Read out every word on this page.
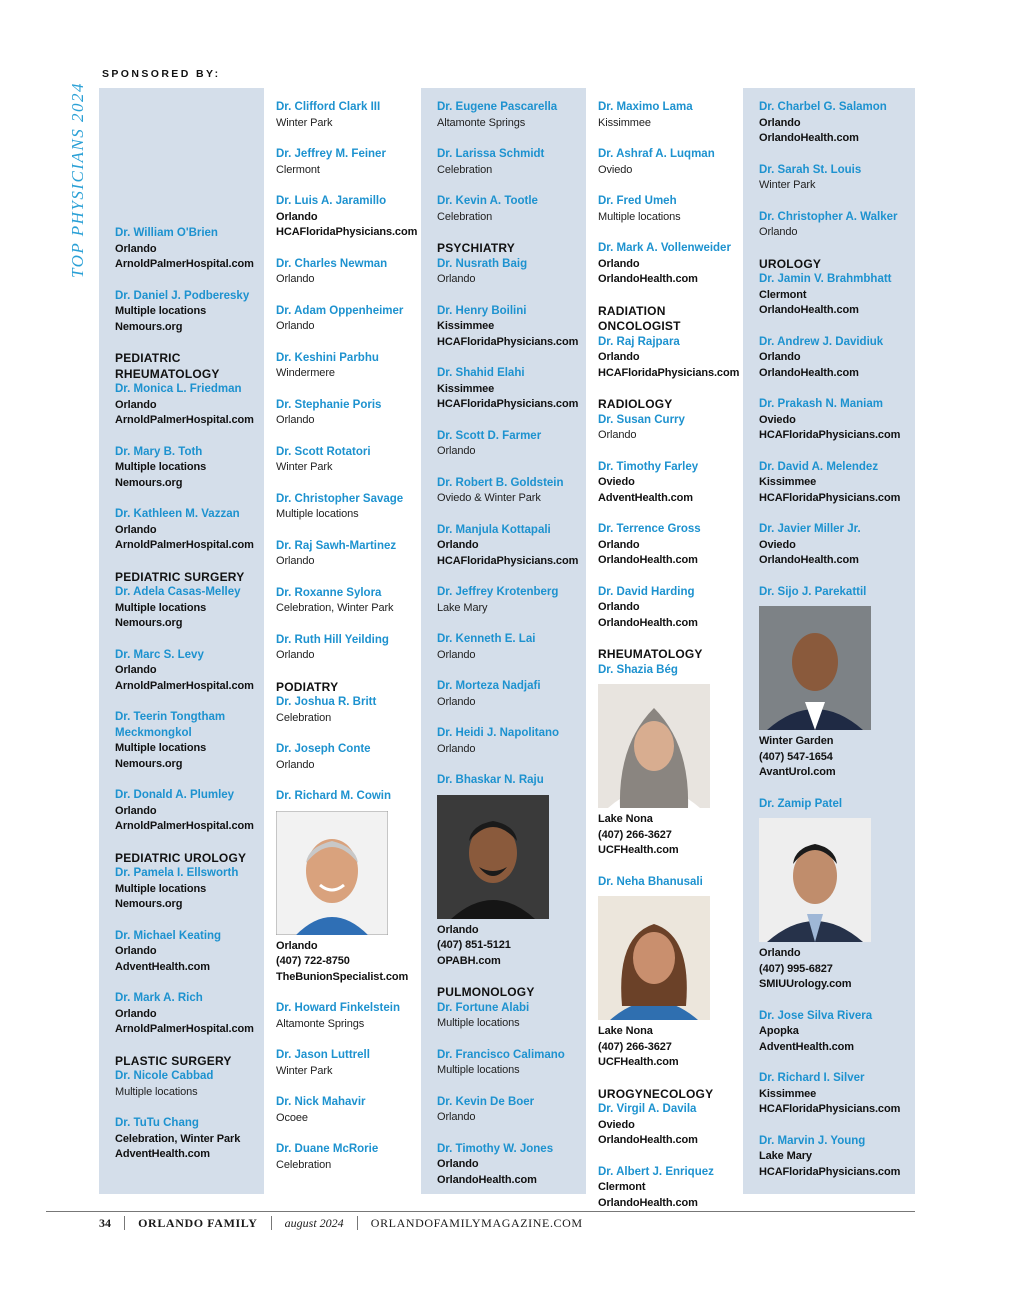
TOP PHYSICIANS 2024
SPONSORED BY:
Dr. William O'Brien
Orlando
ArnoldPalmerHospital.com
Dr. Daniel J. Podberesky
Multiple locations
Nemours.org
PEDIATRIC RHEUMATOLOGY
Dr. Monica L. Friedman
Orlando
ArnoldPalmerHospital.com
Dr. Mary B. Toth
Multiple locations
Nemours.org
Dr. Kathleen M. Vazzan
Orlando
ArnoldPalmerHospital.com
PEDIATRIC SURGERY
Dr. Adela Casas-Melley
Multiple locations
Nemours.org
Dr. Marc S. Levy
Orlando
ArnoldPalmerHospital.com
Dr. Teerin Tongtham Meckmongkol
Multiple locations
Nemours.org
Dr. Donald A. Plumley
Orlando
ArnoldPalmerHospital.com
PEDIATRIC UROLOGY
Dr. Pamela I. Ellsworth
Multiple locations
Nemours.org
Dr. Michael Keating
Orlando
AdventHealth.com
Dr. Mark A. Rich
Orlando
ArnoldPalmerHospital.com
PLASTIC SURGERY
Dr. Nicole Cabbad
Multiple locations
Dr. TuTu Chang
Celebration, Winter Park
AdventHealth.com
Dr. Clifford Clark III
Winter Park
Dr. Jeffrey M. Feiner
Clermont
Dr. Luis A. Jaramillo
Orlando
HCAFloridaPhysicians.com
Dr. Charles Newman
Orlando
Dr. Adam Oppenheimer
Orlando
Dr. Keshini Parbhu
Windermere
Dr. Stephanie Poris
Orlando
Dr. Scott Rotatori
Winter Park
Dr. Christopher Savage
Multiple locations
Dr. Raj Sawh-Martinez
Orlando
Dr. Roxanne Sylora
Celebration, Winter Park
Dr. Ruth Hill Yeilding
Orlando
PODIATRY
Dr. Joshua R. Britt
Celebration
Dr. Joseph Conte
Orlando
Dr. Richard M. Cowin
Orlando
(407) 722-8750
TheBunionSpecialist.com
Dr. Howard Finkelstein
Altamonte Springs
Dr. Jason Luttrell
Winter Park
Dr. Nick Mahavir
Ocoee
Dr. Duane McRorie
Celebration
Dr. Eugene Pascarella
Altamonte Springs
Dr. Larissa Schmidt
Celebration
Dr. Kevin A. Tootle
Celebration
PSYCHIATRY
Dr. Nusrath Baig
Orlando
Dr. Henry Boilini
Kissimmee
HCAFloridaPhysicians.com
Dr. Shahid Elahi
Kissimmee
HCAFloridaPhysicians.com
Dr. Scott D. Farmer
Orlando
Dr. Robert B. Goldstein
Oviedo & Winter Park
Dr. Manjula Kottapali
Orlando
HCAFloridaPhysicians.com
Dr. Jeffrey Krotenberg
Lake Mary
Dr. Kenneth E. Lai
Orlando
Dr. Morteza Nadjafi
Orlando
Dr. Heidi J. Napolitano
Orlando
Dr. Bhaskar N. Raju
Orlando
(407) 851-5121
OPABH.com
PULMONOLOGY
Dr. Fortune Alabi
Multiple locations
Dr. Francisco Calimano
Multiple locations
Dr. Kevin De Boer
Orlando
Dr. Timothy W. Jones
Orlando
OrlandoHealth.com
Dr. Maximo Lama
Kissimmee
Dr. Ashraf A. Luqman
Oviedo
Dr. Fred Umeh
Multiple locations
Dr. Mark A. Vollenweider
Orlando
OrlandoHealth.com
RADIATION ONCOLOGIST
Dr. Raj Rajpara
Orlando
HCAFloridaPhysicians.com
RADIOLOGY
Dr. Susan Curry
Orlando
Dr. Timothy Farley
Oviedo
AdventHealth.com
Dr. Terrence Gross
Orlando
OrlandoHealth.com
Dr. David Harding
Orlando
OrlandoHealth.com
RHEUMATOLOGY
Dr. Shazia Bég
Lake Nona
(407) 266-3627
UCFHealth.com
Dr. Neha Bhanusali
Lake Nona
(407) 266-3627
UCFHealth.com
UROGYNECOLOGY
Dr. Virgil A. Davila
Oviedo
OrlandoHealth.com
Dr. Albert J. Enriquez
Clermont
OrlandoHealth.com
Dr. Charbel G. Salamon
Orlando
OrlandoHealth.com
Dr. Sarah St. Louis
Winter Park
Dr. Christopher A. Walker
Orlando
UROLOGY
Dr. Jamin V. Brahmbhatt
Clermont
OrlandoHealth.com
Dr. Andrew J. Davidiuk
Orlando
OrlandoHealth.com
Dr. Prakash N. Maniam
Oviedo
HCAFloridaPhysicians.com
Dr. David A. Melendez
Kissimmee
HCAFloridaPhysicians.com
Dr. Javier Miller Jr.
Oviedo
OrlandoHealth.com
Dr. Sijo J. Parekattil
Winter Garden
(407) 547-1654
AvantUrol.com
Dr. Zamip Patel
Orlando
(407) 995-6827
SMIUUrology.com
Dr. Jose Silva Rivera
Apopka
AdventHealth.com
Dr. Richard I. Silver
Kissimmee
HCAFloridaPhysicians.com
Dr. Marvin J. Young
Lake Mary
HCAFloridaPhysicians.com
34 ORLANDO FAMILY august 2024 ORLANDOFAMILYMAGAZINE.COM
